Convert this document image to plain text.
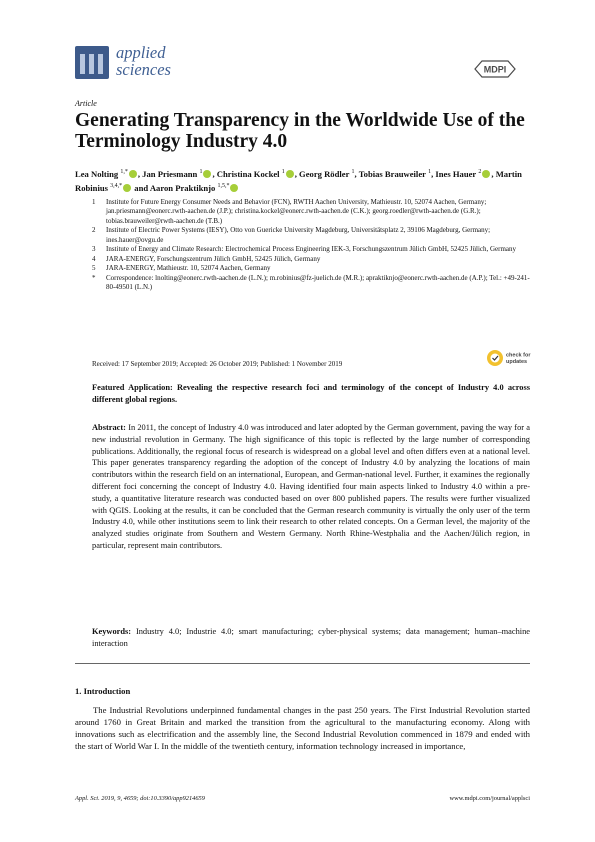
applied
sciences	MDPI
Article
Generating Transparency in the Worldwide Use of the Terminology Industry 4.0
Lea Nolting $^{1,*}$ , Jan Priesmann $^1$ , Christina Kockel $^1$ , Georg Rödler $^1$, Tobias Brauweiler $^1$, Ines Hauer $^2$ , Martin Robinius $^{3,4,*}$ and Aaron Praktiknjo $^{1,5,*}$
1 Institute for Future Energy Consumer Needs and Behavior (FCN), RWTH Aachen University, Mathieustr. 10, 52074 Aachen, Germany; jan.priesmann@eonerc.rwth-aachen.de (J.P.); christina.kockel@eonerc.rwth-aachen.de (C.K.); georg.roedler@rwth-aachen.de (G.R.); tobias.brauweiler@rwth-aachen.de (T.B.)
2 Institute of Electric Power Systems (IESY), Otto von Guericke University Magdeburg, Universitätsplatz 2, 39106 Magdeburg, Germany; ines.hauer@ovgu.de
3 Institute of Energy and Climate Research: Electrochemical Process Engineering IEK-3, Forschungszentrum Jülich GmbH, 52425 Jülich, Germany
4 JARA-ENERGY, Forschungszentrum Jülich GmbH, 52425 Jülich, Germany
5 JARA-ENERGY, Mathieustr. 10, 52074 Aachen, Germany
* Correspondence: lnolting@eonerc.rwth-aachen.de (L.N.); m.robinius@fz-juelich.de (M.R.); apraktiknjo@eonerc.rwth-aachen.de (A.P.); Tel.: +49-241-80-49501 (L.N.)
Received: 17 September 2019; Accepted: 26 October 2019; Published: 1 November 2019
check for
updates
Featured Application: Revealing the respective research foci and terminology of the concept of Industry 4.0 across different global regions.
Abstract: In 2011, the concept of Industry 4.0 was introduced and later adopted by the German government, paving the way for a new industrial revolution in Germany. The high significance of this topic is reflected by the large number of corresponding publications. Additionally, the regional focus of research is widespread on a global level and often differs even at a national level. This paper generates transparency regarding the adoption of the concept of Industry 4.0 by analyzing the locations of main contributors within the research field on an international, European, and German-national level. Further, it examines the regionally different foci concerning the concept of Industry 4.0. Having identified four main aspects linked to Industry 4.0 within a pre-study, a quantitative literature research was conducted based on over 800 published papers. The results were further visualized with QGIS. Looking at the results, it can be concluded that the German research community is virtually the only user of the term Industry 4.0, while other institutions seem to link their research to other related concepts. On a German level, the majority of the analyzed studies originate from Southern and Western Germany. North Rhine-Westphalia and the Aachen/Jülich region, in particular, represent main contributors.
Keywords: Industry 4.0; Industrie 4.0; smart manufacturing; cyber-physical systems; data management; human–machine interaction
1. Introduction
The Industrial Revolutions underpinned fundamental changes in the past 250 years. The First Industrial Revolution started around 1760 in Great Britain and marked the transition from the agricultural to the manufacturing economy. Along with innovations such as electrification and the assembly line, the Second Industrial Revolution commenced in 1879 and ended with the start of World War I. In the middle of the twentieth century, information technology increased in importance,
Appl. Sci. 2019, 9, 4659; doi:10.3390/app9214659	www.mdpi.com/journal/applsci
